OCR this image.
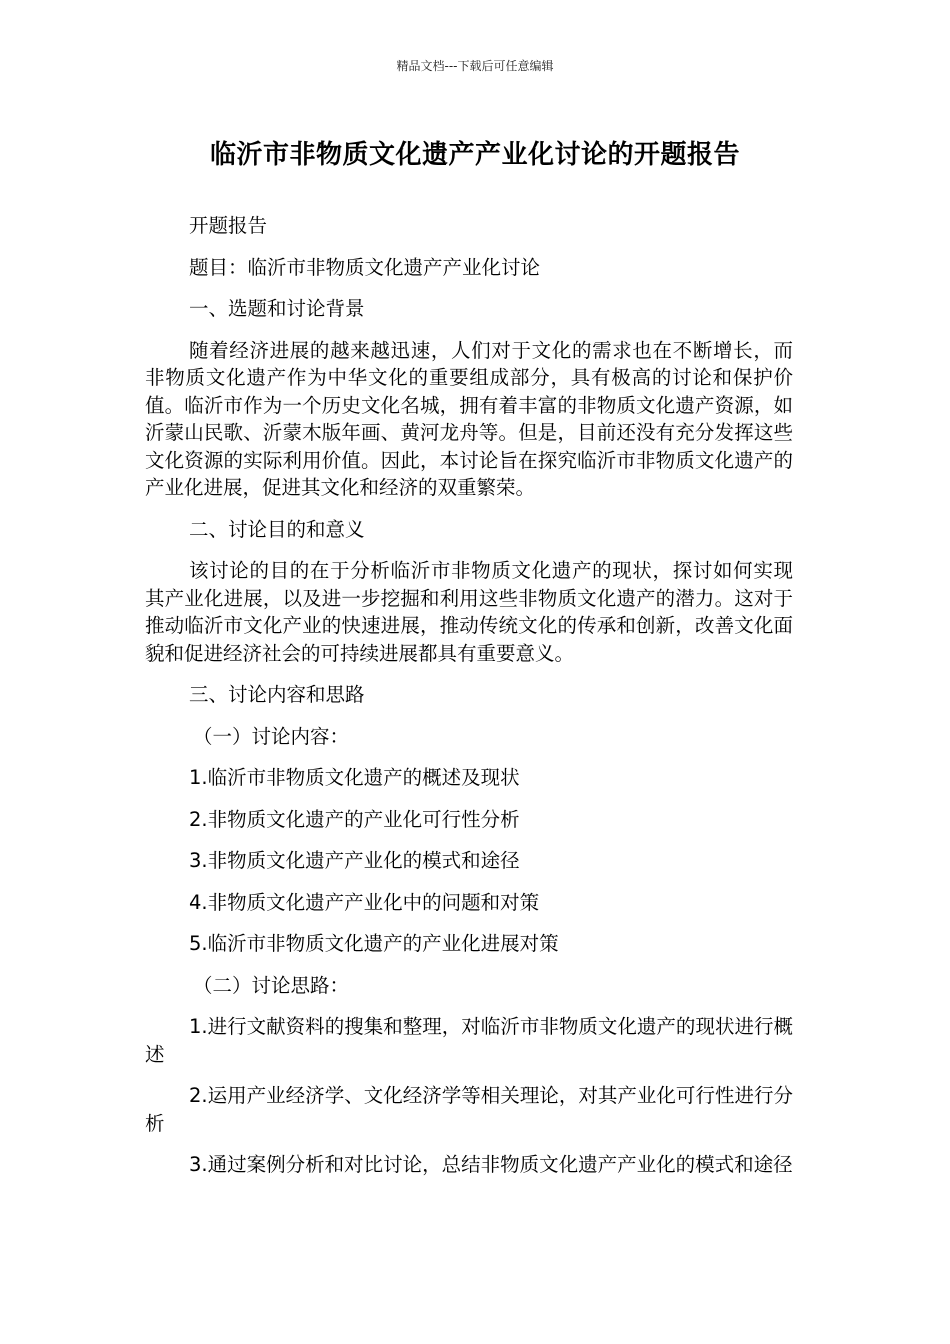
精品文档---下载后可任意编辑
临沂市非物质文化遗产产业化讨论的开题报告

开题报告

题目：临沂市非物质文化遗产产业化讨论

一、选题和讨论背景

随着经济进展的越来越迅速，人们对于文化的需求也在不断增长，而非物质文化遗产作为中华文化的重要组成部分，具有极高的讨论和保护价值。临沂市作为一个历史文化名城，拥有着丰富的非物质文化遗产资源，如沂蒙山民歌、沂蒙木版年画、黄河龙舟等。但是，目前还没有充分发挥这些文化资源的实际利用价值。因此，本讨论旨在探究临沂市非物质文化遗产的产业化进展，促进其文化和经济的双重繁荣。

二、讨论目的和意义

该讨论的目的在于分析临沂市非物质文化遗产的现状，探讨如何实现其产业化进展，以及进一步挖掘和利用这些非物质文化遗产的潜力。这对于推动临沂市文化产业的快速进展，推动传统文化的传承和创新，改善文化面貌和促进经济社会的可持续进展都具有重要意义。

三、讨论内容和思路

（一）讨论内容：

1.临沂市非物质文化遗产的概述及现状

2.非物质文化遗产的产业化可行性分析

3.非物质文化遗产产业化的模式和途径

4.非物质文化遗产产业化中的问题和对策

5.临沂市非物质文化遗产的产业化进展对策

（二）讨论思路：

1.进行文献资料的搜集和整理，对临沂市非物质文化遗产的现状进行概述

2.运用产业经济学、文化经济学等相关理论，对其产业化可行性进行分析

3.通过案例分析和对比讨论，总结非物质文化遗产产业化的模式和途径
